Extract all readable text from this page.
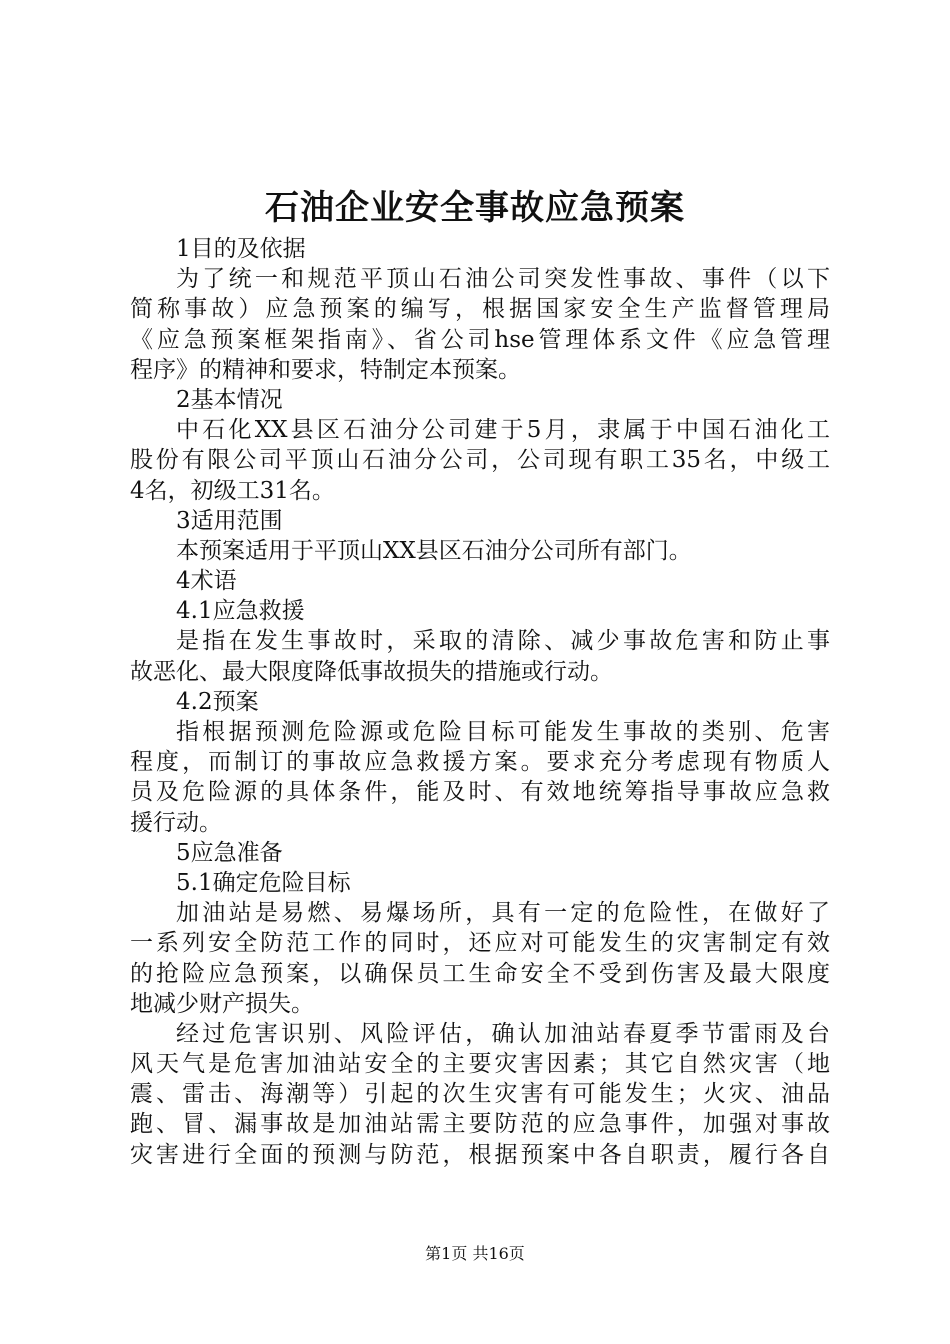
石油企业安全事故应急预案
1目的及依据
为了统一和规范平顶山石油公司突发性事故、事件（以下
简称事故）应急预案的编写，根据国家安全生产监督管理局
《应急预案框架指南》、省公司hse管理体系文件《应急管理
程序》的精神和要求，特制定本预案。
2基本情况
中石化XX县区石油分公司建于5月，隶属于中国石油化工
股份有限公司平顶山石油分公司，公司现有职工35名，中级工
4名，初级工31名。
3适用范围
本预案适用于平顶山XX县区石油分公司所有部门。
4术语
4.1应急救援
是指在发生事故时，采取的清除、减少事故危害和防止事
故恶化、最大限度降低事故损失的措施或行动。
4.2预案
指根据预测危险源或危险目标可能发生事故的类别、危害
程度，而制订的事故应急救援方案。要求充分考虑现有物质人
员及危险源的具体条件，能及时、有效地统筹指导事故应急救
援行动。
5应急准备
5.1确定危险目标
加油站是易燃、易爆场所，具有一定的危险性，在做好了
一系列安全防范工作的同时，还应对可能发生的灾害制定有效
的抢险应急预案，以确保员工生命安全不受到伤害及最大限度
地减少财产损失。
经过危害识别、风险评估，确认加油站春夏季节雷雨及台
风天气是危害加油站安全的主要灾害因素；其它自然灾害（地
震、雷击、海潮等）引起的次生灾害有可能发生；火灾、油品
跑、冒、漏事故是加油站需主要防范的应急事件，加强对事故
灾害进行全面的预测与防范，根据预案中各自职责，履行各自
第1页 共16页
